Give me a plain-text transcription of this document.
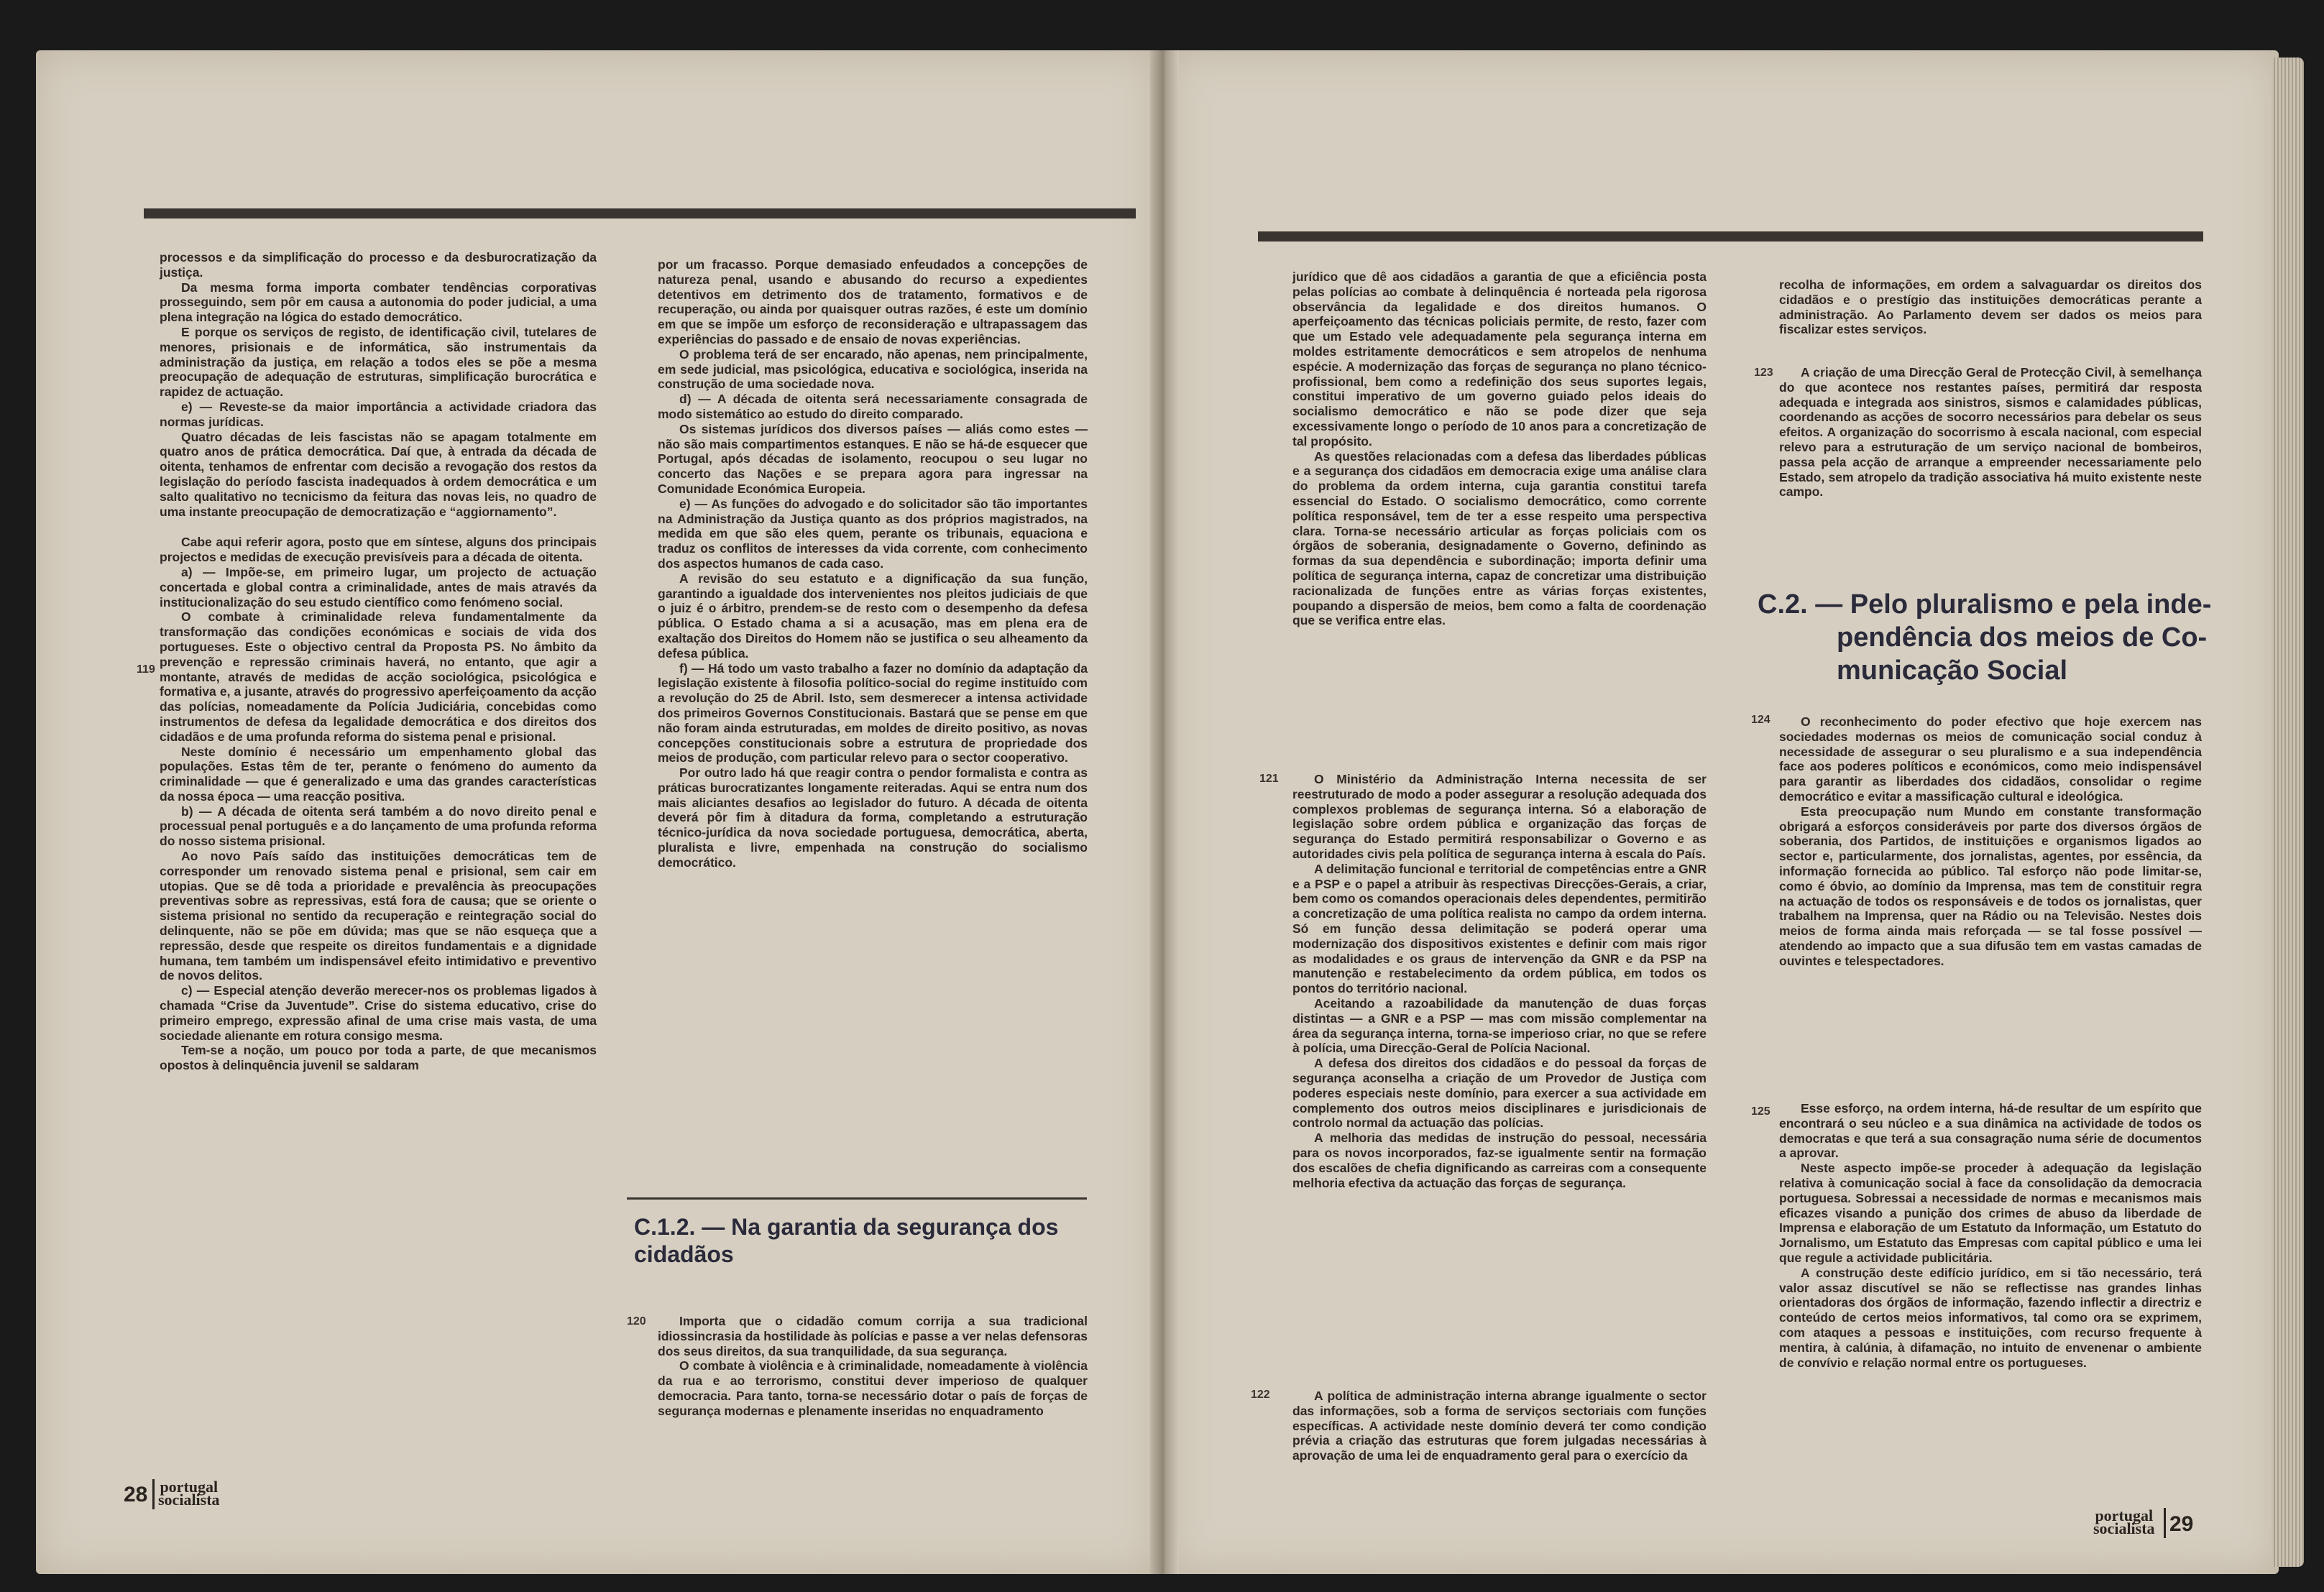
processos e da simplificação do processo e da desburocratização da justiça.

Da mesma forma importa combater tendências corporativas prosseguindo, sem pôr em causa a autonomia do poder judicial, a uma plena integração na lógica do estado democrático.

E porque os serviços de registo, de identificação civil, tutelares de menores, prisionais e de informática, são instrumentais da administração da justiça, em relação a todos eles se põe a mesma preocupação de adequação de estruturas, simplificação burocrática e rapidez de actuação.

e) — Reveste-se da maior importância a actividade criadora das normas jurídicas.

Quatro décadas de leis fascistas não se apagam totalmente em quatro anos de prática democrática. Daí que, à entrada da década de oitenta, tenhamos de enfrentar com decisão a revogação dos restos da legislação do período fascista inadequados à ordem democrática e um salto qualitativo no tecnicismo da feitura das novas leis, no quadro de uma instante preocupação de democratização e “aggiornamento”.

Cabe aqui referir agora, posto que em síntese, alguns dos principais projectos e medidas de execução previsíveis para a década de oitenta.

a) — Impõe-se, em primeiro lugar, um projecto de actuação concertada e global contra a criminalidade, antes de mais através da institucionalização do seu estudo científico como fenómeno social.

O combate à criminalidade releva fundamentalmente da transformação das condições económicas e sociais de vida dos portugueses. Este o objectivo central da Proposta PS. No âmbito da prevenção e repressão criminais haverá, no entanto, que agir a montante, através de medidas de acção sociológica, psicológica e formativa e, a jusante, através do progressivo aperfeiçoamento da acção das polícias, nomeadamente da Polícia Judiciária, concebidas como instrumentos de defesa da legalidade democrática e dos direitos dos cidadãos e de uma profunda reforma do sistema penal e prisional.

Neste domínio é necessário um empenhamento global das populações. Estas têm de ter, perante o fenómeno do aumento da criminalidade — que é generalizado e uma das grandes características da nossa época — uma reacção positiva.

b) — A década de oitenta será também a do novo direito penal e processual penal português e a do lançamento de uma profunda reforma do nosso sistema prisional.

Ao novo País saído das instituições democráticas tem de corresponder um renovado sistema penal e prisional, sem cair em utopias. Que se dê toda a prioridade e prevalência às preocupações preventivas sobre as repressivas, está fora de causa; que se oriente o sistema prisional no sentido da recuperação e reintegração social do delinquente, não se põe em dúvida; mas que se não esqueça que a repressão, desde que respeite os direitos fundamentais e a dignidade humana, tem também um indispensável efeito intimidativo e preventivo de novos delitos.

c) — Especial atenção deverão merecer-nos os problemas ligados à chamada “Crise da Juventude”. Crise do sistema educativo, crise do primeiro emprego, expressão afinal de uma crise mais vasta, de uma sociedade alienante em rotura consigo mesma.

Tem-se a noção, um pouco por toda a parte, de que mecanismos opostos à delinquência juvenil se saldaram

119

por um fracasso. Porque demasiado enfeudados a concepções de natureza penal, usando e abusando do recurso a expedientes detentivos em detrimento dos de tratamento, formativos e de recuperação, ou ainda por quaisquer outras razões, é este um domínio em que se impõe um esforço de reconsideração e ultrapassagem das experiências do passado e de ensaio de novas experiências.

O problema terá de ser encarado, não apenas, nem principalmente, em sede judicial, mas psicológica, educativa e sociológica, inserida na construção de uma sociedade nova.

d) — A década de oitenta será necessariamente consagrada de modo sistemático ao estudo do direito comparado.

Os sistemas jurídicos dos diversos países — aliás como estes — não são mais compartimentos estanques. E não se há-de esquecer que Portugal, após décadas de isolamento, reocupou o seu lugar no concerto das Nações e se prepara agora para ingressar na Comunidade Económica Europeia.

e) — As funções do advogado e do solicitador são tão importantes na Administração da Justiça quanto as dos próprios magistrados, na medida em que são eles quem, perante os tribunais, equaciona e traduz os conflitos de interesses da vida corrente, com conhecimento dos aspectos humanos de cada caso.

A revisão do seu estatuto e a dignificação da sua função, garantindo a igualdade dos intervenientes nos pleitos judiciais de que o juiz é o árbitro, prendem-se de resto com o desempenho da defesa pública. O Estado chama a si a acusação, mas em plena era de exaltação dos Direitos do Homem não se justifica o seu alheamento da defesa pública.

f) — Há todo um vasto trabalho a fazer no domínio da adaptação da legislação existente à filosofia político-social do regime instituído com a revolução do 25 de Abril. Isto, sem desmerecer a intensa actividade dos primeiros Governos Constitucionais. Bastará que se pense em que não foram ainda estruturadas, em moldes de direito positivo, as novas concepções constitucionais sobre a estrutura de propriedade dos meios de produção, com particular relevo para o sector cooperativo.

Por outro lado há que reagir contra o pendor formalista e contra as práticas burocratizantes longamente reiteradas. Aqui se entra num dos mais aliciantes desafios ao legislador do futuro. A década de oitenta deverá pôr fim à ditadura da forma, completando a estruturação técnico-jurídica da nova sociedade portuguesa, democrática, aberta, pluralista e livre, empenhada na construção do socialismo democrático.

C.1.2. — Na garantia da segurança dos cidadãos
120	Importa que o cidadão comum corrija a sua tradicional idiossincrasia da hostilidade às polícias e passe a ver nelas defensoras dos seus direitos, da sua tranquilidade, da sua segurança.

O combate à violência e à criminalidade, nomeadamente à violência da rua e ao terrorismo, constitui dever imperioso de qualquer democracia. Para tanto, torna-se necessário dotar o país de forças de segurança modernas e plenamente inseridas no enquadramento

28 portugal
socialista

jurídico que dê aos cidadãos a garantia de que a eficiência posta pelas polícias ao combate à delinquência é norteada pela rigorosa observância da legalidade e dos direitos humanos. O aperfeiçoamento das técnicas policiais permite, de resto, fazer com que um Estado vele adequadamente pela segurança interna em moldes estritamente democráticos e sem atropelos de nenhuma espécie. A modernização das forças de segurança no plano técnico-profissional, bem como a redefinição dos seus suportes legais, constitui imperativo de um governo guiado pelos ideais do socialismo democrático e não se pode dizer que seja excessivamente longo o período de 10 anos para a concretização de tal propósito.

As questões relacionadas com a defesa das liberdades públicas e a segurança dos cidadãos em democracia exige uma análise clara do problema da ordem interna, cuja garantia constitui tarefa essencial do Estado. O socialismo democrático, como corrente política responsável, tem de ter a esse respeito uma perspectiva clara. Torna-se necessário articular as forças policiais com os órgãos de soberania, designadamente o Governo, definindo as formas da sua dependência e subordinação; importa definir uma política de segurança interna, capaz de concretizar uma distribuição racionalizada de funções entre as várias forças existentes, poupando a dispersão de meios, bem como a falta de coordenação que se verifica entre elas.

121	O Ministério da Administração Interna necessita de ser reestruturado de modo a poder assegurar a resolução adequada dos complexos problemas de segurança interna. Só a elaboração de legislação sobre ordem pública e organização das forças de segurança do Estado permitirá responsabilizar o Governo e as autoridades civis pela política de segurança interna à escala do País.

A delimitação funcional e territorial de competências entre a GNR e a PSP e o papel a atribuir às respectivas Direcções-Gerais, a criar, bem como os comandos operacionais deles dependentes, permitirão a concretização de uma política realista no campo da ordem interna. Só em função dessa delimitação se poderá operar uma modernização dos dispositivos existentes e definir com mais rigor as modalidades e os graus de intervenção da GNR e da PSP na manutenção e restabelecimento da ordem pública, em todos os pontos do território nacional.

Aceitando a razoabilidade da manutenção de duas forças distintas — a GNR e a PSP — mas com missão complementar na área da segurança interna, torna-se imperioso criar, no que se refere à polícia, uma Direcção-Geral de Polícia Nacional.

A defesa dos direitos dos cidadãos e do pessoal da forças de segurança aconselha a criação de um Provedor de Justiça com poderes especiais neste domínio, para exercer a sua actividade em complemento dos outros meios disciplinares e jurisdicionais de controlo normal da actuação das polícias.

A melhoria das medidas de instrução do pessoal, necessária para os novos incorporados, faz-se igualmente sentir na formação dos escalões de chefia dignificando as carreiras com a consequente melhoria efectiva da actuação das forças de segurança.

122	A política de administração interna abrange igualmente o sector das informações, sob a forma de serviços sectoriais com funções específicas. A actividade neste domínio deverá ter como condição prévia a criação das estruturas que forem julgadas necessárias à aprovação de uma lei de enquadramento geral para o exercício da

recolha de informações, em ordem a salvaguardar os direitos dos cidadãos e o prestígio das instituições democráticas perante a administração. Ao Parlamento devem ser dados os meios para fiscalizar estes serviços.

123	A criação de uma Direcção Geral de Protecção Civil, à semelhança do que acontece nos restantes países, permitirá dar resposta adequada e integrada aos sinistros, sismos e calamidades públicas, coordenando as acções de socorro necessários para debelar os seus efeitos. A organização do socorrismo à escala nacional, com especial relevo para a estruturação de um serviço nacional de bombeiros, passa pela acção de arranque a empreender necessariamente pelo Estado, sem atropelo da tradição associativa há muito existente neste campo.

C.2. — Pelo pluralismo e pela inde-
pendência dos meios de Co-
municação Social
124	O reconhecimento do poder efectivo que hoje exercem nas sociedades modernas os meios de comunicação social conduz à necessidade de assegurar o seu pluralismo e a sua independência face aos poderes políticos e económicos, como meio indispensável para garantir as liberdades dos cidadãos, consolidar o regime democrático e evitar a massificação cultural e ideológica.

Esta preocupação num Mundo em constante transformação obrigará a esforços consideráveis por parte dos diversos órgãos de soberania, dos Partidos, de instituições e organismos ligados ao sector e, particularmente, dos jornalistas, agentes, por essência, da informação fornecida ao público. Tal esforço não pode limitar-se, como é óbvio, ao domínio da Imprensa, mas tem de constituir regra na actuação de todos os responsáveis e de todos os jornalistas, quer trabalhem na Imprensa, quer na Rádio ou na Televisão. Nestes dois meios de forma ainda mais reforçada — se tal fosse possível — atendendo ao impacto que a sua difusão tem em vastas camadas de ouvintes e telespectadores.

125	Esse esforço, na ordem interna, há-de resultar de um espírito que encontrará o seu núcleo e a sua dinâmica na actividade de todos os democratas e que terá a sua consagração numa série de documentos a aprovar.

Neste aspecto impõe-se proceder à adequação da legislação relativa à comunicação social à face da consolidação da democracia portuguesa. Sobressai a necessidade de normas e mecanismos mais eficazes visando a punição dos crimes de abuso da liberdade de Imprensa e elaboração de um Estatuto da Informação, um Estatuto do Jornalismo, um Estatuto das Empresas com capital público e uma lei que regule a actividade publicitária.

A construção deste edifício jurídico, em si tão necessário, terá valor assaz discutível se não se reflectisse nas grandes linhas orientadoras dos órgãos de informação, fazendo inflectir a directriz e conteúdo de certos meios informativos, tal como ora se exprimem, com ataques a pessoas e instituições, com recurso frequente à mentira, à calúnia, à difamação, no intuito de envenenar o ambiente de convívio e relação normal entre os portugueses.

portugal
socialista 29
